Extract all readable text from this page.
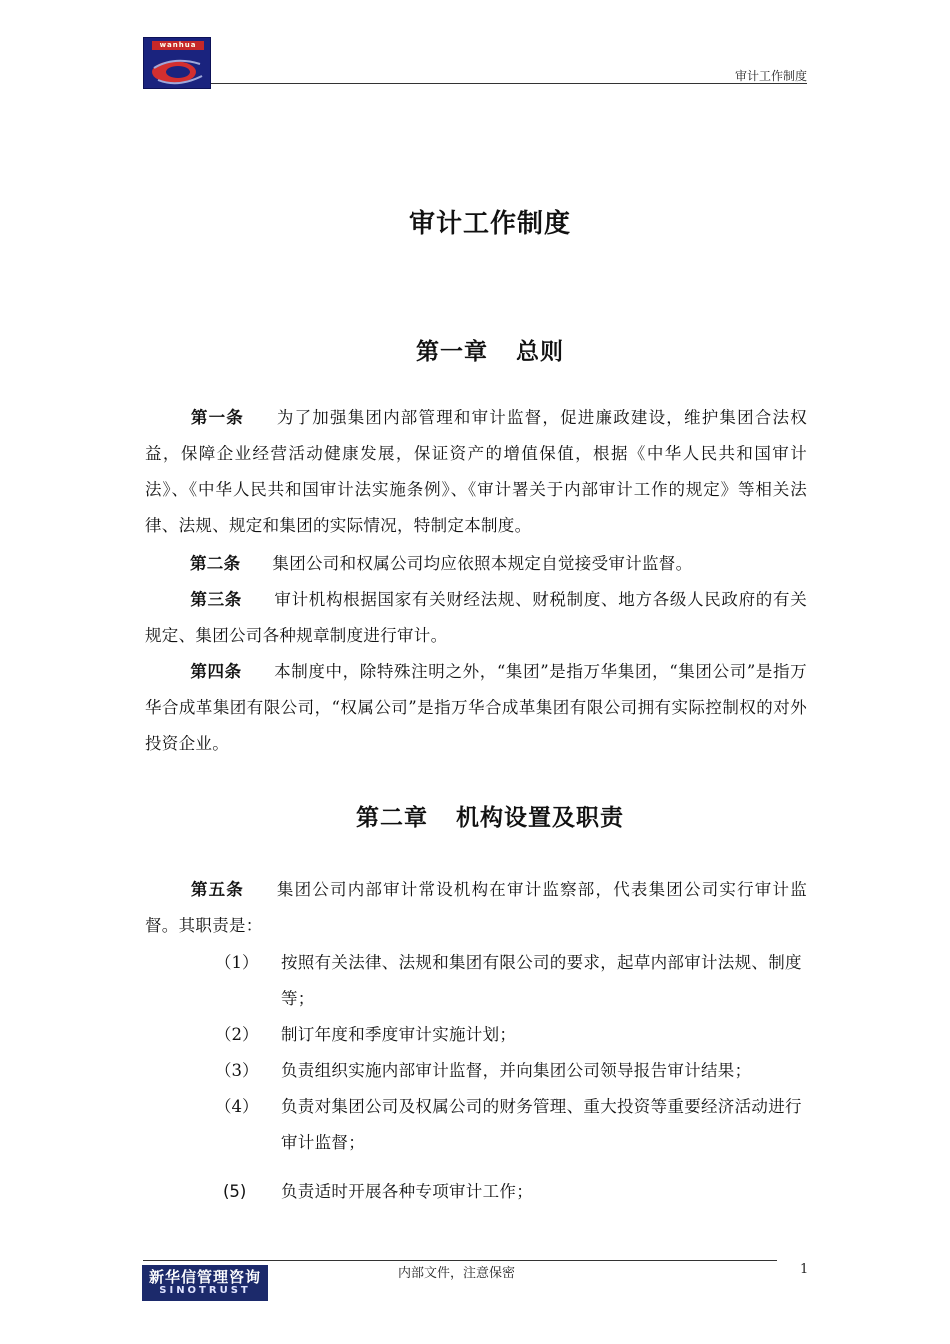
wanhua
审计工作制度
审计工作制度
第一章 总则
第一条 为了加强集团内部管理和审计监督，促进廉政建设，维护集团合法权益，保障企业经营活动健康发展，保证资产的增值保值，根据《中华人民共和国审计法》、《中华人民共和国审计法实施条例》、《审计署关于内部审计工作的规定》等相关法律、法规、规定和集团的实际情况，特制定本制度。
第二条 集团公司和权属公司均应依照本规定自觉接受审计监督。
第三条 审计机构根据国家有关财经法规、财税制度、地方各级人民政府的有关规定、集团公司各种规章制度进行审计。
第四条 本制度中，除特殊注明之外，“集团”是指万华集团，“集团公司”是指万华合成革集团有限公司，“权属公司”是指万华合成革集团有限公司拥有实际控制权的对外投资企业。
第二章 机构设置及职责
第五条 集团公司内部审计常设机构在审计监察部，代表集团公司实行审计监督。其职责是：
（1） 按照有关法律、法规和集团有限公司的要求，起草内部审计法规、制度等；
（2） 制订年度和季度审计实施计划；
（3） 负责组织实施内部审计监督，并向集团公司领导报告审计结果；
（4） 负责对集团公司及权属公司的财务管理、重大投资等重要经济活动进行审计监督；
(5) 负责适时开展各种专项审计工作；
新华信管理咨询
SINOTRUST
内部文件，注意保密	1
